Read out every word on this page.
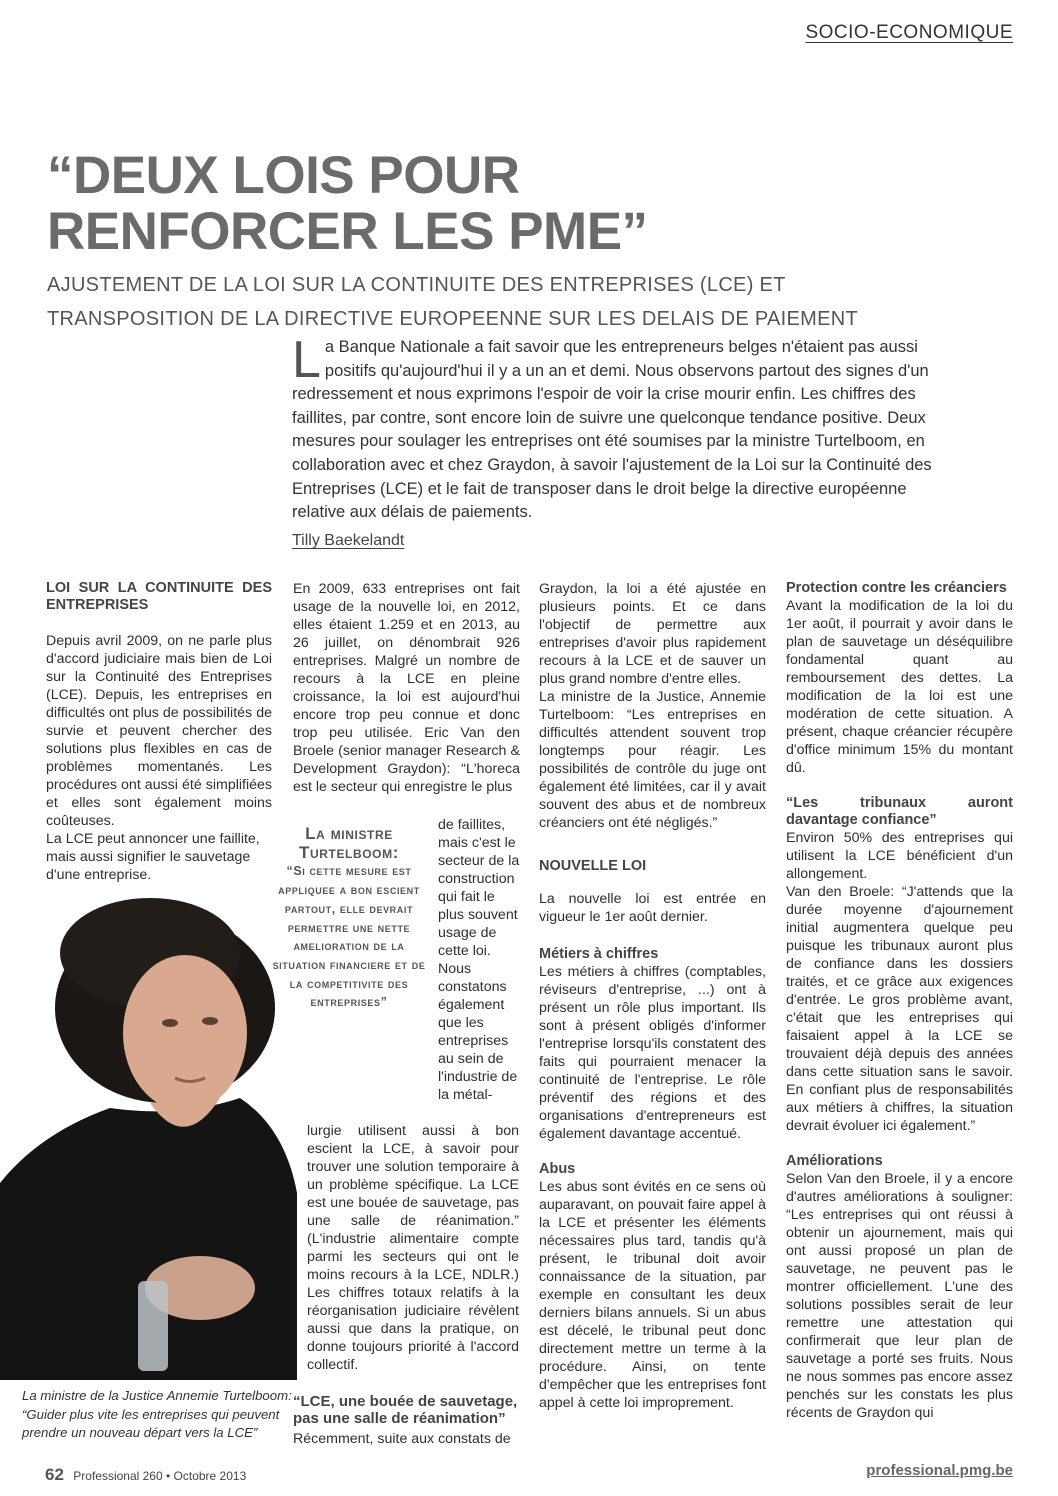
SOCIO-ECONOMIQUE
“DEUX LOIS POUR
RENFORCER LES PME”
AJUSTEMENT DE LA LOI SUR LA CONTINUITE DES ENTREPRISES (LCE) ET
TRANSPOSITION DE LA DIRECTIVE EUROPEENNE SUR LES DELAIS DE PAIEMENT
L a Banque Nationale a fait savoir que les entrepreneurs belges n'étaient pas aussi positifs qu'aujourd'hui il y a un an et demi. Nous observons partout des signes d'un redressement et nous exprimons l'espoir de voir la crise mourir enfin. Les chiffres des faillites, par contre, sont encore loin de suivre une quelconque tendance positive. Deux mesures pour soulager les entreprises ont été soumises par la ministre Turtelboom, en collaboration avec et chez Graydon, à savoir l'ajustement de la Loi sur la Continuité des Entreprises (LCE) et le fait de transposer dans le droit belge la directive européenne relative aux délais de paiements.
Tilly Baekelandt
LOI SUR LA CONTINUITE DES ENTREPRISES

Depuis avril 2009, on ne parle plus d'accord judiciaire mais bien de Loi sur la Continuité des Entreprises (LCE). Depuis, les entreprises en difficultés ont plus de possibilités de survie et peuvent chercher des solutions plus flexibles en cas de problèmes momentanés. Les procédures ont aussi été simplifiées et elles sont également moins coûteuses.

La LCE peut annoncer une faillite, mais aussi signifier le sauvetage d'une entreprise.

La ministre de la Justice Annemie Turtelboom: “Guider plus vite les entreprises qui peuvent prendre un nouveau départ vers la LCE”

En 2009, 633 entreprises ont fait usage de la nouvelle loi, en 2012, elles étaient 1.259 et en 2013, au 26 juillet, on dénombrait 926 entreprises. Malgré un nombre de recours à la LCE en pleine croissance, la loi est aujourd'hui encore trop peu connue et donc trop peu utilisée. Eric Van den Broele (senior manager Research & Development Graydon): “L'horeca est le secteur qui enregistre le plus

La ministre
Turtelboom:
“Si cette mesure est appliquee a bon escient partout, elle devrait permettre une nette amelioration de la situation financiere et de la competitivite des entreprises”

de faillites, mais c'est le secteur de la construction qui fait le plus souvent usage de cette loi. Nous constatons également que les entreprises au sein de l'industrie de la métal-

lurgie utilisent aussi à bon escient la LCE, à savoir pour trouver une solution temporaire à un problème spécifique. La LCE est une bouée de sauvetage, pas une salle de réanimation.” (L'industrie alimentaire compte parmi les secteurs qui ont le moins recours à la LCE, NDLR.) Les chiffres totaux relatifs à la réorganisation judiciaire révèlent aussi que dans la pratique, on donne toujours priorité à l'accord collectif.

“LCE, une bouée de sauvetage, pas une salle de réanimation”
Récemment, suite aux constats de

Graydon, la loi a été ajustée en plusieurs points. Et ce dans l'objectif de permettre aux entreprises d'avoir plus rapidement recours à la LCE et de sauver un plus grand nombre d'entre elles.

La ministre de la Justice, Annemie Turtelboom: “Les entreprises en difficultés attendent souvent trop longtemps pour réagir. Les possibilités de contrôle du juge ont également été limitées, car il y avait souvent des abus et de nombreux créanciers ont été négligés.”

NOUVELLE LOI

La nouvelle loi est entrée en vigueur le 1er août dernier.

Métiers à chiffres

Les métiers à chiffres (comptables, réviseurs d'entreprise, ...) ont à présent un rôle plus important. Ils sont à présent obligés d'informer l'entreprise lorsqu'ils constatent des faits qui pourraient menacer la continuité de l'entreprise. Le rôle préventif des régions et des organisations d'entrepreneurs est également davantage accentué.

Abus

Les abus sont évités en ce sens où auparavant, on pouvait faire appel à la LCE et présenter les éléments nécessaires plus tard, tandis qu'à présent, le tribunal doit avoir connaissance de la situation, par exemple en consultant les deux derniers bilans annuels. Si un abus est décelé, le tribunal peut donc directement mettre un terme à la procédure. Ainsi, on tente d'empêcher que les entreprises font appel à cette loi improprement.

Protection contre les créanciers

Avant la modification de la loi du 1er août, il pourrait y avoir dans le plan de sauvetage un déséquilibre fondamental quant au remboursement des dettes. La modification de la loi est une modération de cette situation. A présent, chaque créancier récupère d'office minimum 15% du montant dû.

“Les tribunaux auront davantage confiance”

Environ 50% des entreprises qui utilisent la LCE bénéficient d'un allongement.

Van den Broele: “J'attends que la durée moyenne d'ajournement initial augmentera quelque peu puisque les tribunaux auront plus de confiance dans les dossiers traités, et ce grâce aux exigences d'entrée. Le gros problème avant, c'était que les entreprises qui faisaient appel à la LCE se trouvaient déjà depuis des années dans cette situation sans le savoir. En confiant plus de responsabilités aux métiers à chiffres, la situation devrait évoluer ici également.”

Améliorations

Selon Van den Broele, il y a encore d'autres améliorations à souligner: “Les entreprises qui ont réussi à obtenir un ajournement, mais qui ont aussi proposé un plan de sauvetage, ne peuvent pas le montrer officiellement. L'une des solutions possibles serait de leur remettre une attestation qui confirmerait que leur plan de sauvetage a porté ses fruits. Nous ne nous sommes pas encore assez penchés sur les constats les plus récents de Graydon qui

62 Professional 260 • Octobre 2013	professional.pmg.be
